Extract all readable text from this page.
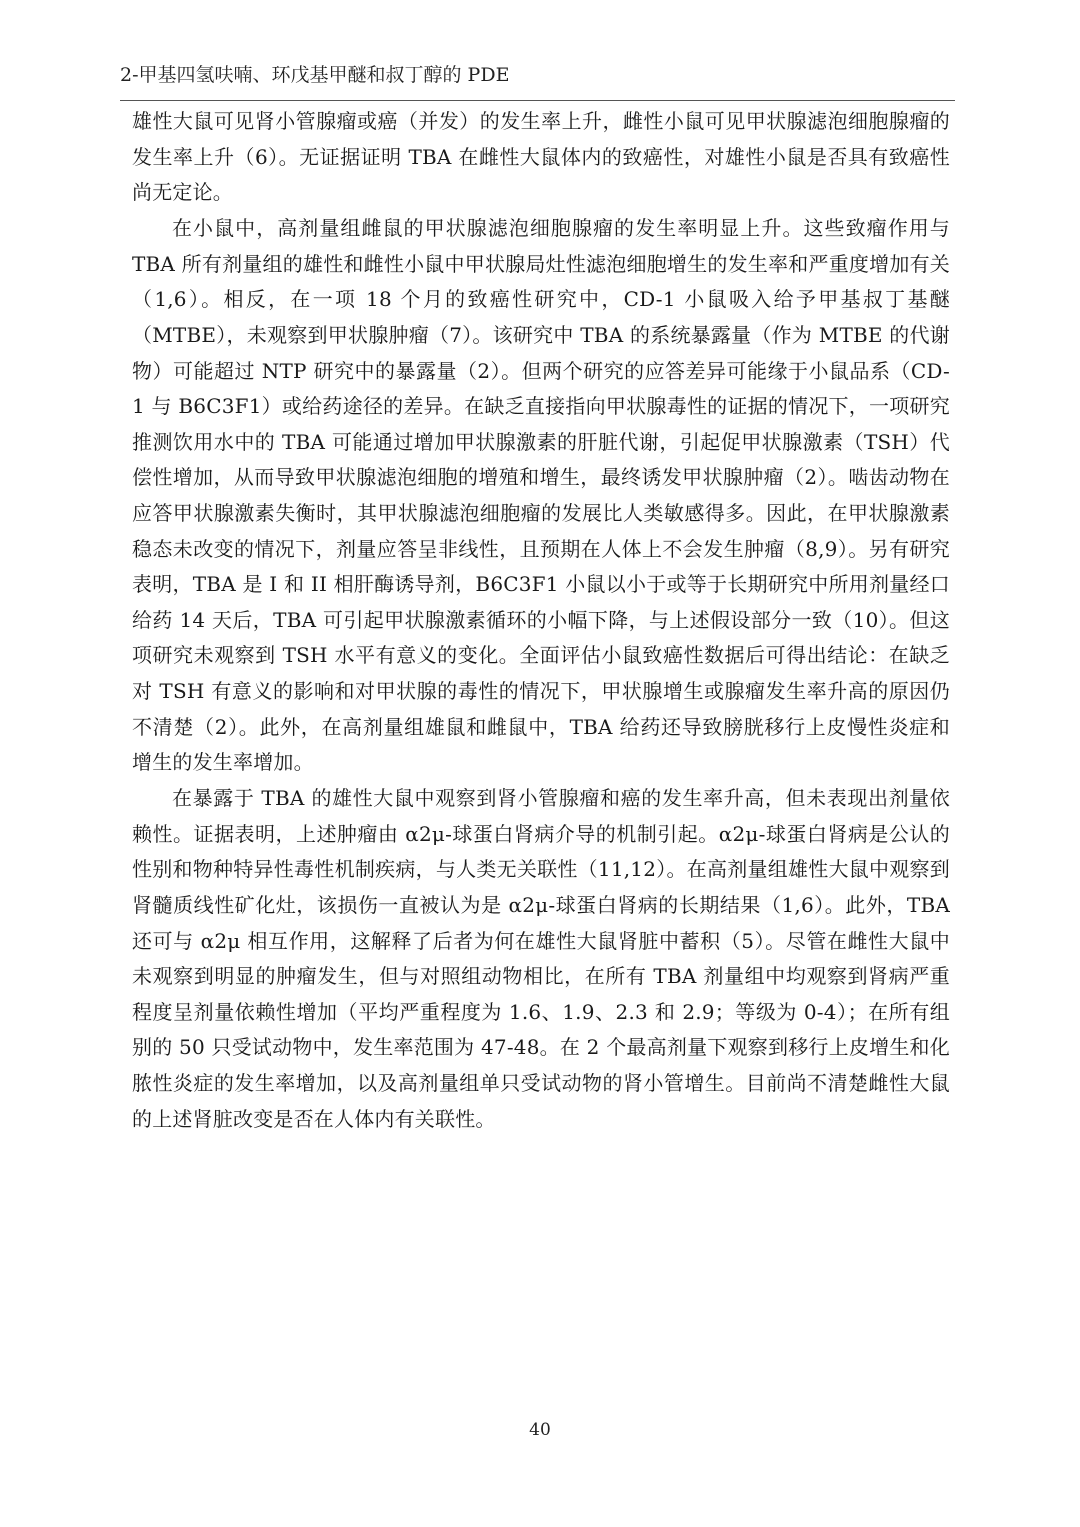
2-甲基四氢呋喃、环戊基甲醚和叔丁醇的 PDE

雄性大鼠可见肾小管腺瘤或癌（并发）的发生率上升，雌性小鼠可见甲状腺滤泡细胞腺瘤的发生率上升（6）。无证据证明 TBA 在雌性大鼠体内的致癌性，对雄性小鼠是否具有致癌性尚无定论。

在小鼠中，高剂量组雌鼠的甲状腺滤泡细胞腺瘤的发生率明显上升。这些致瘤作用与 TBA 所有剂量组的雄性和雌性小鼠中甲状腺局灶性滤泡细胞增生的发生率和严重度增加有关（1,6）。相反，在一项 18 个月的致癌性研究中，CD-1 小鼠吸入给予甲基叔丁基醚（MTBE），未观察到甲状腺肿瘤（7）。该研究中 TBA 的系统暴露量（作为 MTBE 的代谢物）可能超过 NTP 研究中的暴露量（2）。但两个研究的应答差异可能缘于小鼠品系（CD-1 与 B6C3F1）或给药途径的差异。在缺乏直接指向甲状腺毒性的证据的情况下，一项研究推测饮用水中的 TBA 可能通过增加甲状腺激素的肝脏代谢，引起促甲状腺激素（TSH）代偿性增加，从而导致甲状腺滤泡细胞的增殖和增生，最终诱发甲状腺肿瘤（2）。啮齿动物在应答甲状腺激素失衡时，其甲状腺滤泡细胞瘤的发展比人类敏感得多。因此，在甲状腺激素稳态未改变的情况下，剂量应答呈非线性，且预期在人体上不会发生肿瘤（8,9）。另有研究表明，TBA 是 I 和 II 相肝酶诱导剂，B6C3F1 小鼠以小于或等于长期研究中所用剂量经口给药 14 天后，TBA 可引起甲状腺激素循环的小幅下降，与上述假设部分一致（10）。但这项研究未观察到 TSH 水平有意义的变化。全面评估小鼠致癌性数据后可得出结论：在缺乏对 TSH 有意义的影响和对甲状腺的毒性的情况下，甲状腺增生或腺瘤发生率升高的原因仍不清楚（2）。此外，在高剂量组雄鼠和雌鼠中，TBA 给药还导致膀胱移行上皮慢性炎症和增生的发生率增加。

在暴露于 TBA 的雄性大鼠中观察到肾小管腺瘤和癌的发生率升高，但未表现出剂量依赖性。证据表明，上述肿瘤由 α2μ-球蛋白肾病介导的机制引起。α2μ-球蛋白肾病是公认的性别和物种特异性毒性机制疾病，与人类无关联性（11,12）。在高剂量组雄性大鼠中观察到肾髓质线性矿化灶，该损伤一直被认为是 α2μ-球蛋白肾病的长期结果（1,6）。此外，TBA 还可与 α2μ 相互作用，这解释了后者为何在雄性大鼠肾脏中蓄积（5）。尽管在雌性大鼠中未观察到明显的肿瘤发生，但与对照组动物相比，在所有 TBA 剂量组中均观察到肾病严重程度呈剂量依赖性增加（平均严重程度为 1.6、1.9、2.3 和 2.9；等级为 0-4）；在所有组别的 50 只受试动物中，发生率范围为 47-48。在 2 个最高剂量下观察到移行上皮增生和化脓性炎症的发生率增加，以及高剂量组单只受试动物的肾小管增生。目前尚不清楚雌性大鼠的上述肾脏改变是否在人体内有关联性。

40
